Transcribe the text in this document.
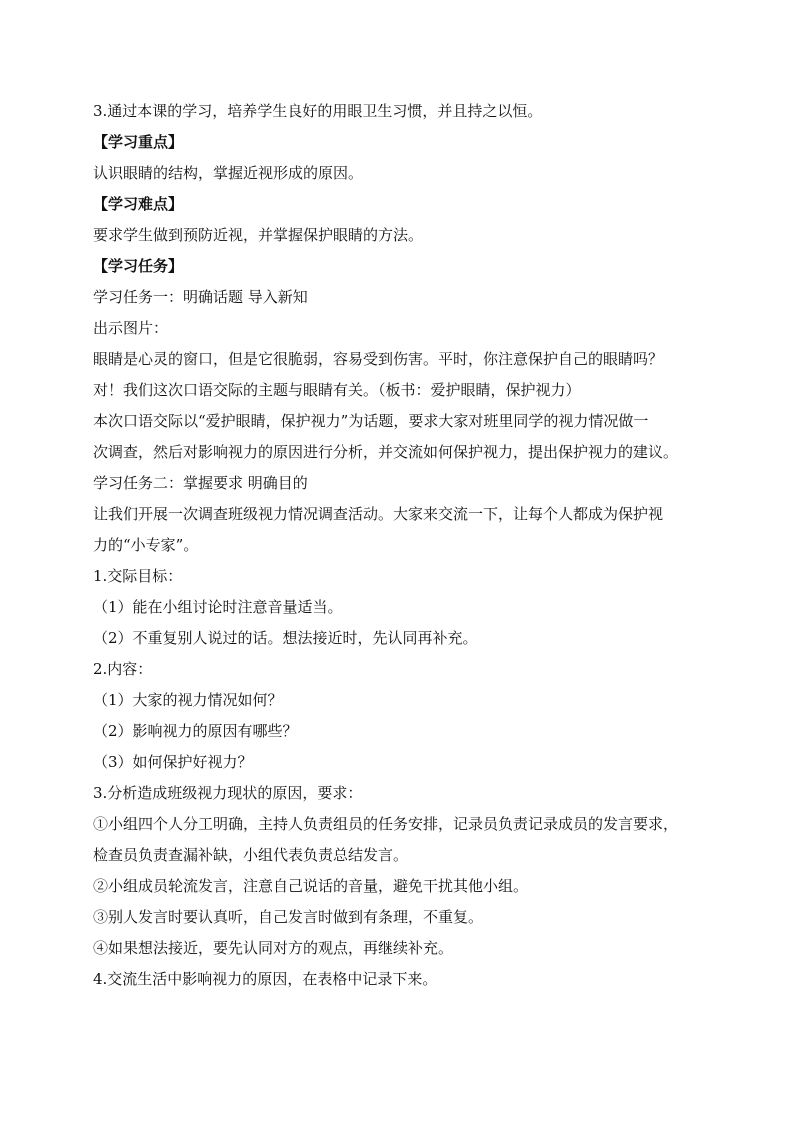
3.通过本课的学习，培养学生良好的用眼卫生习惯，并且持之以恒。
【学习重点】
认识眼睛的结构，掌握近视形成的原因。
【学习难点】
要求学生做到预防近视，并掌握保护眼睛的方法。
【学习任务】
学习任务一：明确话题 导入新知
出示图片：
眼睛是心灵的窗口，但是它很脆弱，容易受到伤害。平时，你注意保护自己的眼睛吗？
对！我们这次口语交际的主题与眼睛有关。（板书：爱护眼睛，保护视力）
本次口语交际以“爱护眼睛，保护视力”为话题，要求大家对班里同学的视力情况做一
次调查，然后对影响视力的原因进行分析，并交流如何保护视力，提出保护视力的建议。
学习任务二：掌握要求 明确目的
让我们开展一次调查班级视力情况调查活动。大家来交流一下，让每个人都成为保护视
力的“小专家”。
1.交际目标：
（1）能在小组讨论时注意音量适当。
（2）不重复别人说过的话。想法接近时，先认同再补充。
2.内容：
（1）大家的视力情况如何？
（2）影响视力的原因有哪些？
（3）如何保护好视力？
3.分析造成班级视力现状的原因，要求：
①小组四个人分工明确，主持人负责组员的任务安排，记录员负责记录成员的发言要求，
检查员负责查漏补缺，小组代表负责总结发言。
②小组成员轮流发言，注意自己说话的音量，避免干扰其他小组。
③别人发言时要认真听，自己发言时做到有条理，不重复。
④如果想法接近，要先认同对方的观点，再继续补充。
4.交流生活中影响视力的原因，在表格中记录下来。
